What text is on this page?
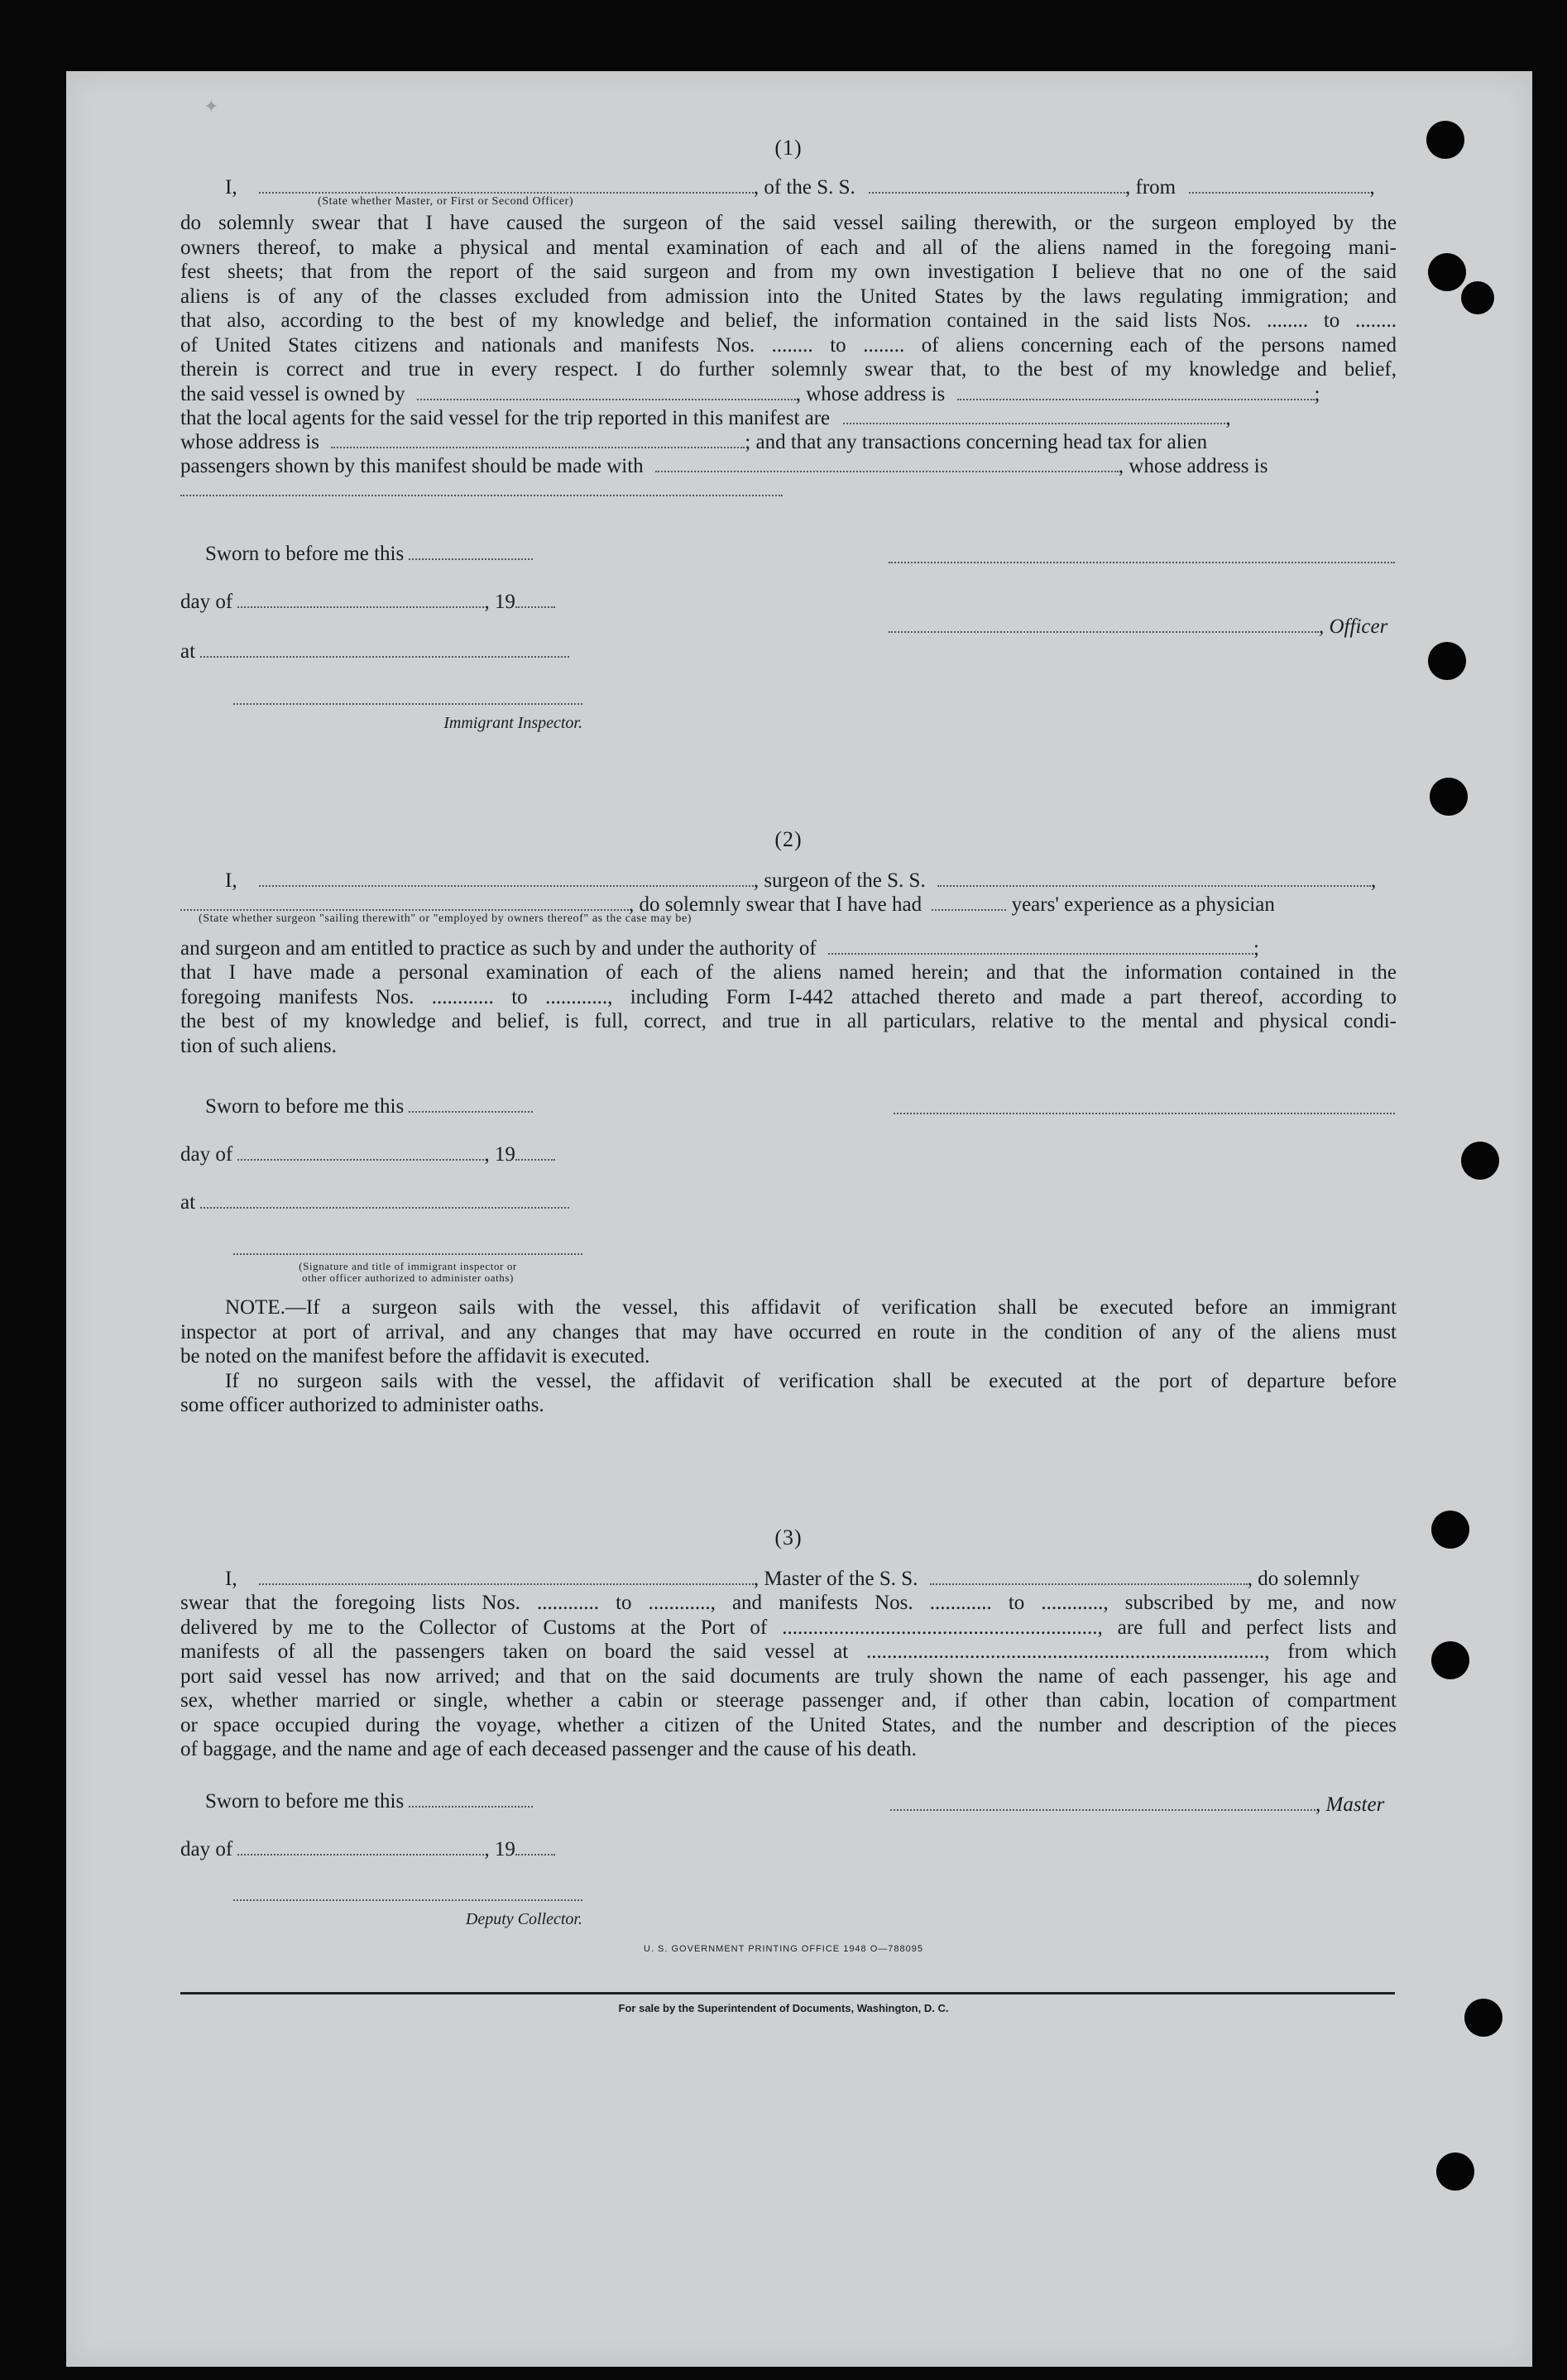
✦
(1)
I,	, of the S. S.	, from	,
(State whether Master, or First or Second Officer)
do solemnly swear that I have caused the surgeon of the said vessel sailing therewith, or the surgeon employed by the
owners thereof, to make a physical and mental examination of each and all of the aliens named in the foregoing mani-
fest sheets; that from the report of the said surgeon and from my own investigation I believe that no one of the said
aliens is of any of the classes excluded from admission into the United States by the laws regulating immigration; and
that also, according to the best of my knowledge and belief, the information contained in the said lists Nos. ........ to ........
of United States citizens and nationals and manifests Nos. ........ to ........ of aliens concerning each of the persons named
therein is correct and true in every respect. I do further solemnly swear that, to the best of my knowledge and belief,
the said vessel is owned by	, whose address is	;
that the local agents for the said vessel for the trip reported in this manifest are	,
whose address is	; and that any transactions concerning head tax for alien
passengers shown by this manifest should be made with	, whose address is
Sworn to before me this
day of	, 19
at
Immigrant Inspector.
, Officer
(2)
I,	, surgeon of the S. S.	,
, do solemnly swear that I have had	years' experience as a physician
(State whether surgeon "sailing therewith" or "employed by owners thereof" as the case may be)
and surgeon and am entitled to practice as such by and under the authority of	;
that I have made a personal examination of each of the aliens named herein; and that the information contained in the
foregoing manifests Nos. ............ to ............, including Form I-442 attached thereto and made a part thereof, according to
the best of my knowledge and belief, is full, correct, and true in all particulars, relative to the mental and physical condi-
tion of such aliens.
Sworn to before me this
day of	, 19
at
(Signature and title of immigrant inspector or
other officer authorized to administer oaths)
NOTE.—If a surgeon sails with the vessel, this affidavit of verification shall be executed before an immigrant
inspector at port of arrival, and any changes that may have occurred en route in the condition of any of the aliens must
be noted on the manifest before the affidavit is executed.
If no surgeon sails with the vessel, the affidavit of verification shall be executed at the port of departure before
some officer authorized to administer oaths.
(3)
I,	, Master of the S. S.	, do solemnly
swear that the foregoing lists Nos. ............ to ............, and manifests Nos. ............ to ............, subscribed by me, and now
delivered by me to the Collector of Customs at the Port of ............................................................., are full and perfect lists and
manifests of all the passengers taken on board the said vessel at ............................................................................., from which
port said vessel has now arrived; and that on the said documents are truly shown the name of each passenger, his age and
sex, whether married or single, whether a cabin or steerage passenger and, if other than cabin, location of compartment
or space occupied during the voyage, whether a citizen of the United States, and the number and description of the pieces
of baggage, and the name and age of each deceased passenger and the cause of his death.
Sworn to before me this
day of	, 19
, Master
Deputy Collector.
U. S. GOVERNMENT PRINTING OFFICE 1948 O—788095
For sale by the Superintendent of Documents, Washington, D. C.
